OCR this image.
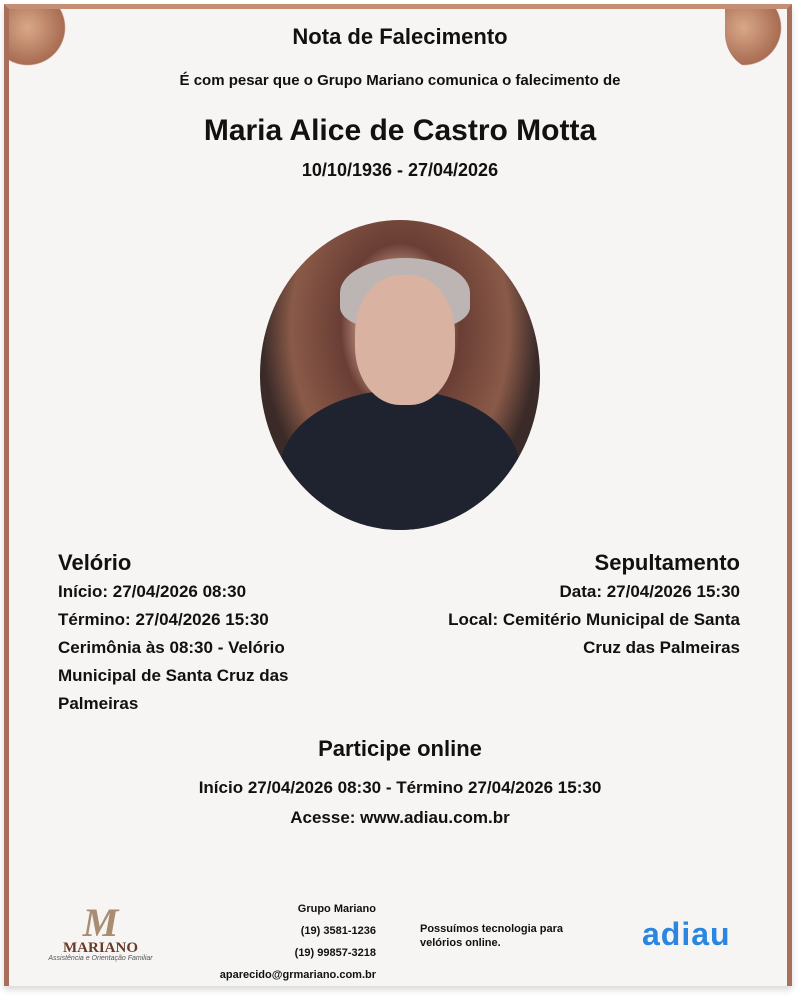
Nota de Falecimento
É com pesar que o Grupo Mariano comunica o falecimento de
Maria Alice de Castro Motta
10/10/1936 - 27/04/2026
Velório
Início: 27/04/2026 08:30
Término: 27/04/2026 15:30
Cerimônia às 08:30 - Velório Municipal de Santa Cruz das Palmeiras
Sepultamento
Data: 27/04/2026 15:30
Local: Cemitério Municipal de Santa Cruz das Palmeiras
Participe online
Início 27/04/2026 08:30 - Término 27/04/2026 15:30
Acesse: www.adiau.com.br
M
MARIANO
Assistência e Orientação Familiar
Grupo Mariano
(19) 3581-1236
(19) 99857-3218
aparecido@grmariano.com.br
Possuímos tecnologia para velórios online.	adiau
